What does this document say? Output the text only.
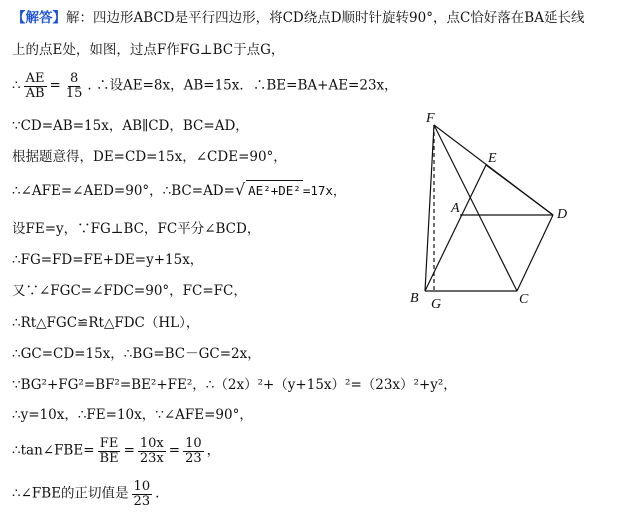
【解答】解：四边形ABCD是平行四边形，将CD绕点D顺时针旋转90°，点C恰好落在BA延长线
上的点E处，如图，过点F作FG⊥BC于点G，
∴ $\frac{AE}{AB} = \frac{8}{15}$ . ∴设AE=8x，AB=15x．∴BE=BA+AE=23x，
∵CD=AB=15x，AB∥CD，BC=AD，
根据题意得，DE=CD=15x，∠CDE=90°，
∴∠AFE=∠AED=90°，∴BC=AD=√ AE²+DE² =17x，
设FE=y，∵FG⊥BC，FC平分∠BCD，
∴FG=FD=FE+DE=y+15x，
又∵∠FGC=∠FDC=90°，FC=FC，
∴Rt△FGC≌Rt△FDC（HL），
∴GC=CD=15x，∴BG=BC－GC=2x，
∵BG²+FG²=BF²=BE²+FE²，∴（2x）²+（y+15x）²=（23x）²+y²，
∴y=10x，∴FE=10x，∵∠AFE=90°，
∴tan∠FBE= $\frac{FE}{BE} = \frac{10x}{23x} = \frac{10}{23}$ ，
∴∠FBE的正切值是 $\frac{10}{23}$ .
F
E
A	D
B G	C
